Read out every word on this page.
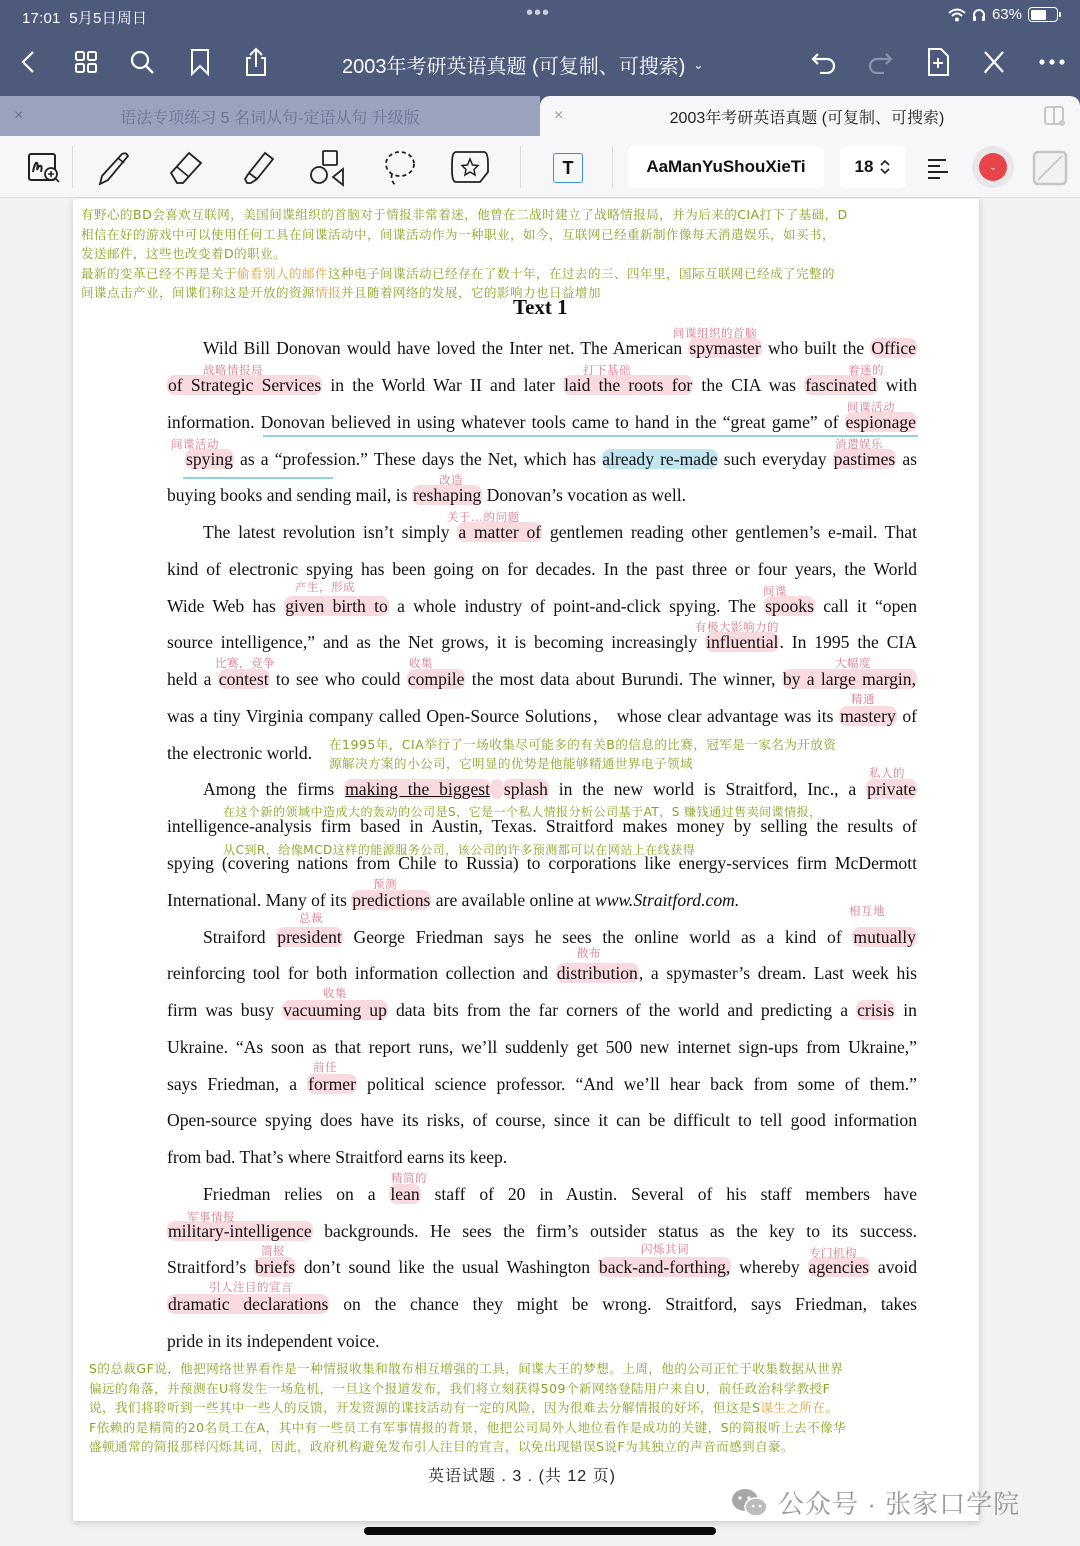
17:01 5月5日周日	•••	63%
2003年考研英语真题 (可复制、可搜索) ⌄
×	语法专项练习 5 名词从句-定语从句 升级版	×	2003年考研英语真题 (可复制、可搜索)
T	AaManYuShouXieTi	18	⌄
有野心的BD会喜欢互联网，美国间谍组织的首脑对于情报非常着迷，他曾在二战时建立了战略情报局，并为后来的CIA打下了基础，D
相信在好的游戏中可以使用任何工具在间谍活动中，间谍活动作为一种职业，如今，互联网已经重新制作像每天消遣娱乐，如买书，
发送邮件，这些也改变着D的职业。
最新的变革已经不再是关于偷看别人的邮件这种电子间谍活动已经存在了数十年，在过去的三、四年里，国际互联网已经成了完整的
间谍点击产业，间谍们称这是开放的资源情报并且随着网络的发展，它的影响力也日益增加
Text 1
间谍组织的首脑
战略情报局	打下基础	着迷的
间谍活动
间谍活动	消遣娱乐
改造
关于...的问题
产生，形成	间谍
有极大影响力的
比赛，竞争	收集	大幅度
精通
私人的
预测
总裁	相互地
散布
收集
前任
精简的
军事情报
简报	闪烁其词	专门机构
引人注目的宣言
在1995年，CIA举行了一场收集尽可能多的有关B的信息的比赛，冠军是一家名为开放资
源解决方案的小公司，它明显的优势是他能够精通世界电子领域
在这个新的领域中造成大的轰动的公司是S，它是一个私人情报分析公司基于AT，S 赚钱通过售卖间谍情报，
从C到R，给像MCD这样的能源服务公司，该公司的许多预测都可以在网站上在线获得
Wild Bill Donovan would have loved the Inter net. The American spymaster who built the Office
of Strategic Services in the World War II and later laid the roots for the CIA was fascinated with
information. Donovan believed in using whatever tools came to hand in the “great game” of espionage
spying as a “profession.” These days the Net, which has already re-made such everyday pastimes as
buying books and sending mail, is reshaping Donovan’s vocation as well.
The latest revolution isn’t simply a matter of gentlemen reading other gentlemen’s e-mail. That
kind of electronic spying has been going on for decades. In the past three or four years, the World
Wide Web has given birth to a whole industry of point-and-click spying. The spooks call it “open
source intelligence,” and as the Net grows, it is becoming increasingly influential. In 1995 the CIA
held a contest to see who could compile the most data about Burundi. The winner, by a large margin,
was a tiny Virginia company called Open-Source Solutions， whose clear advantage was its mastery of
the electronic world.
Among the firms making the biggest splash in the new world is Straitford, Inc., a private
intelligence-analysis firm based in Austin, Texas. Straitford makes money by selling the results of
spying (covering nations from Chile to Russia) to corporations like energy-services firm McDermott
International. Many of its predictions are available online at www.Straitford.com.
Straiford president George Friedman says he sees the online world as a kind of mutually
reinforcing tool for both information collection and distribution, a spymaster’s dream. Last week his
firm was busy vacuuming up data bits from the far corners of the world and predicting a crisis in
Ukraine. “As soon as that report runs, we’ll suddenly get 500 new internet sign-ups from Ukraine,”
says Friedman, a former political science professor. “And we’ll hear back from some of them.”
Open-source spying does have its risks, of course, since it can be difficult to tell good information
from bad. That’s where Straitford earns its keep.
Friedman relies on a lean staff of 20 in Austin. Several of his staff members have
military-intelligence backgrounds. He sees the firm’s outsider status as the key to its success.
Straitford’s briefs don’t sound like the usual Washington back-and-forthing, whereby agencies avoid
dramatic declarations on the chance they might be wrong. Straitford, says Friedman, takes
pride in its independent voice.
S的总裁GF说，他把网络世界看作是一种情报收集和散布相互增强的工具，间谍大王的梦想。上周，他的公司正忙于收集数据从世界
偏远的角落，并预测在U将发生一场危机，一旦这个报道发布，我们将立刻获得509个新网络登陆用户来自U，前任政治科学教授F
说，我们将聆听到一些其中一些人的反馈，开发资源的谍技活动有一定的风险，因为很难去分解情报的好坏，但这是S谋生之所在。
F依赖的是精简的20名员工在A，其中有一些员工有军事情报的背景，他把公司局外人地位看作是成功的关键，S的简报听上去不像华
盛顿通常的简报那样闪烁其词，因此，政府机构避免发布引人注目的宣言，以免出现错误S说F为其独立的声音而感到自豪。
英语试题 . 3 . (共 12 页)
公众号 · 张家口学院
